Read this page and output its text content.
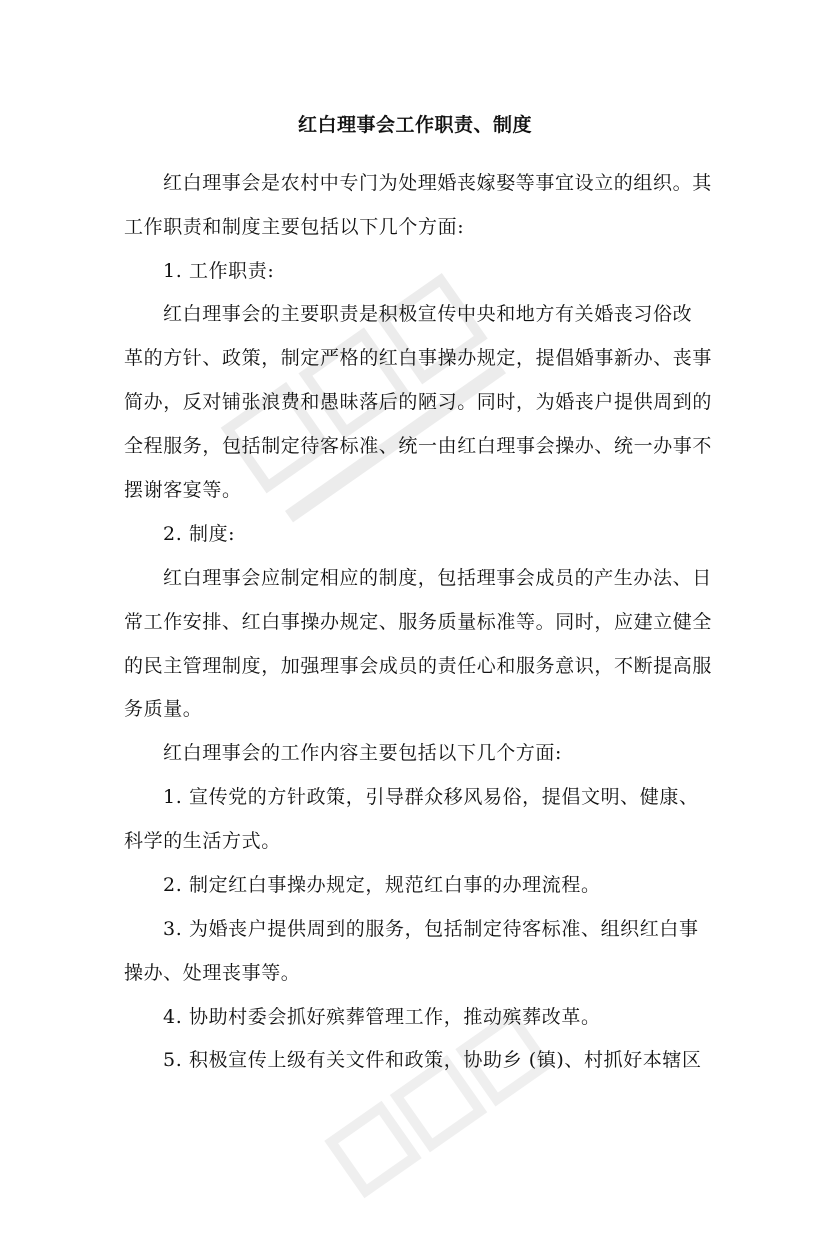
红白理事会工作职责、制度
红白理事会是农村中专门为处理婚丧嫁娶等事宜设立的组织。其
工作职责和制度主要包括以下几个方面:
1. 工作职责:
红白理事会的主要职责是积极宣传中央和地方有关婚丧习俗改
革的方针、政策，制定严格的红白事操办规定，提倡婚事新办、丧事
简办，反对铺张浪费和愚昧落后的陋习。同时，为婚丧户提供周到的
全程服务，包括制定待客标准、统一由红白理事会操办、统一办事不
摆谢客宴等。
2. 制度:
红白理事会应制定相应的制度，包括理事会成员的产生办法、日
常工作安排、红白事操办规定、服务质量标准等。同时，应建立健全
的民主管理制度，加强理事会成员的责任心和服务意识，不断提高服
务质量。
红白理事会的工作内容主要包括以下几个方面:
1. 宣传党的方针政策，引导群众移风易俗，提倡文明、健康、
科学的生活方式。
2. 制定红白事操办规定，规范红白事的办理流程。
3. 为婚丧户提供周到的服务，包括制定待客标准、组织红白事
操办、处理丧事等。
4. 协助村委会抓好殡葬管理工作，推动殡葬改革。
5. 积极宣传上级有关文件和政策，协助乡 (镇)、村抓好本辖区
